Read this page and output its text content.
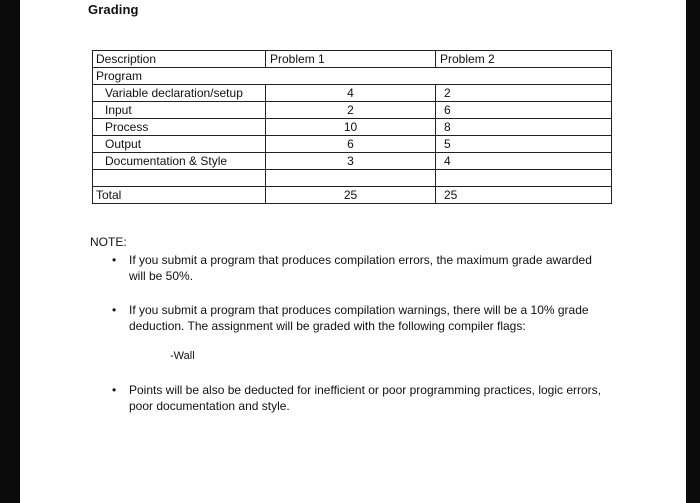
Grading
Description	Problem 1	Problem 2
Program		
Variable declaration/setup	4	2
Input	2	6
Process	10	8
Output	6	5
Documentation & Style	3	4

Total	25	25
NOTE:
• If you submit a program that produces compilation errors, the maximum grade awarded will be 50%.
• If you submit a program that produces compilation warnings, there will be a 10% grade deduction. The assignment will be graded with the following compiler flags:
-Wall
• Points will be also be deducted for inefficient or poor programming practices, logic errors, poor documentation and style.
